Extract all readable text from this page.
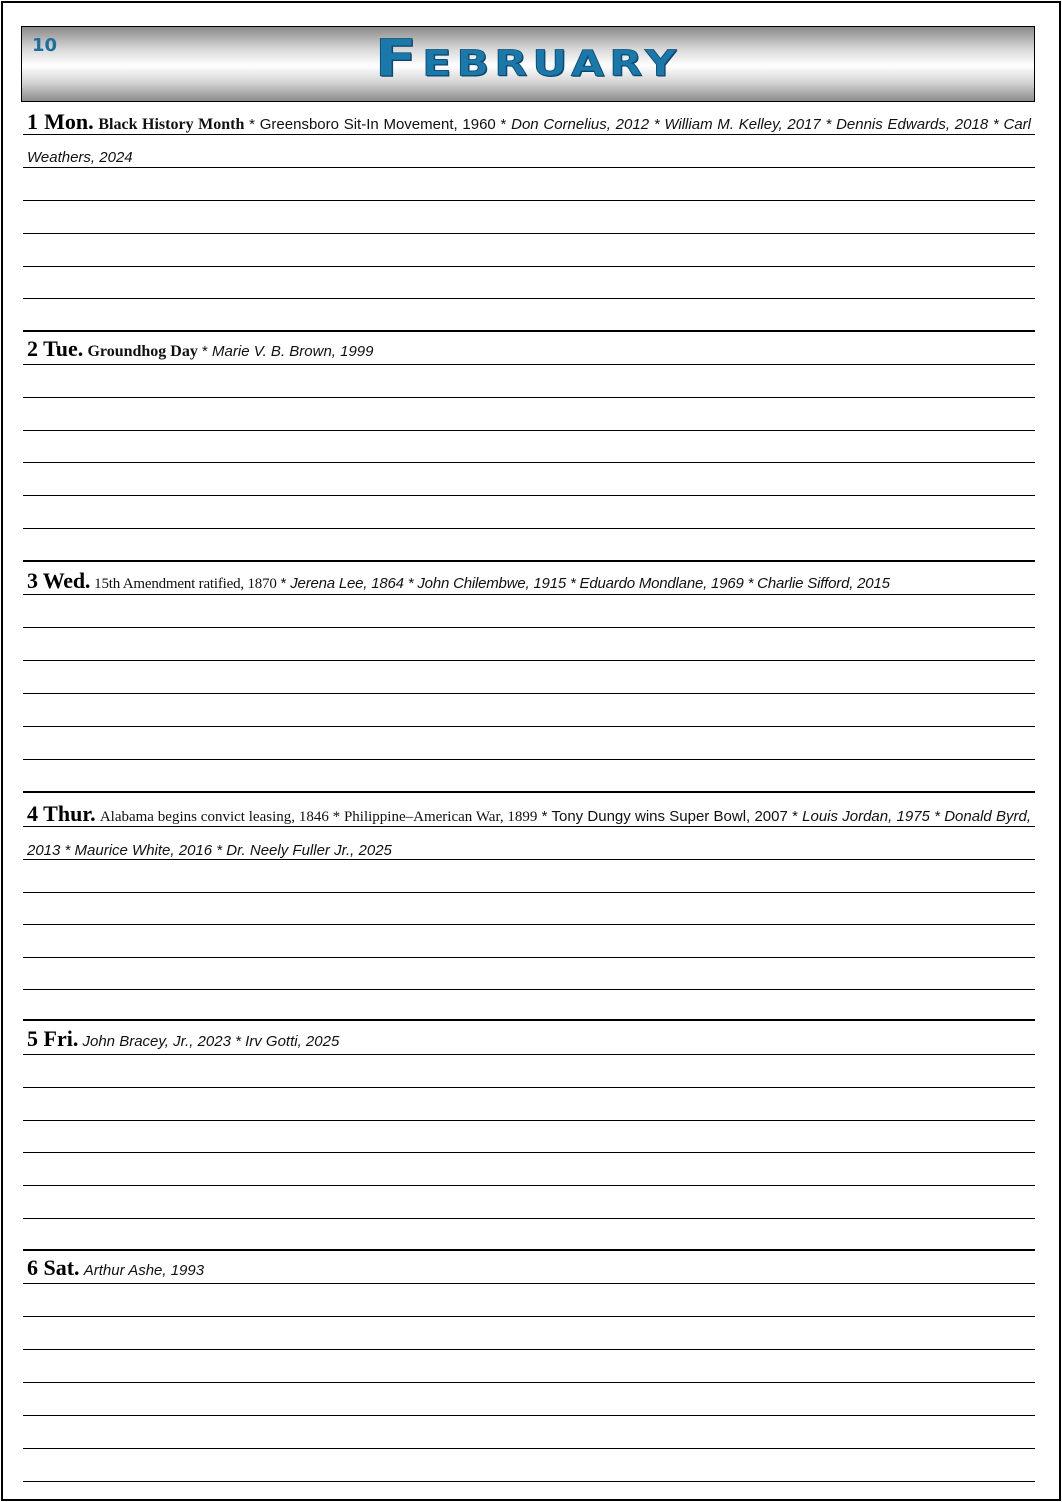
10	February
1 Mon. Black History Month * Greensboro Sit-In Movement, 1960 * Don Cornelius, 2012 * William M. Kelley, 2017 * Dennis Edwards, 2018 * Carl Weathers, 2024
2 Tue. Groundhog Day * Marie V. B. Brown, 1999
3 Wed. 15th Amendment ratified, 1870 * Jerena Lee, 1864 * John Chilembwe, 1915 * Eduardo Mondlane, 1969 * Charlie Sifford, 2015
4 Thur. Alabama begins convict leasing, 1846 * Philippine–American War, 1899 * Tony Dungy wins Super Bowl, 2007 * Louis Jordan, 1975 * Donald Byrd, 2013 * Maurice White, 2016 * Dr. Neely Fuller Jr., 2025
5 Fri. John Bracey, Jr., 2023 * Irv Gotti, 2025
6 Sat. Arthur Ashe, 1993
